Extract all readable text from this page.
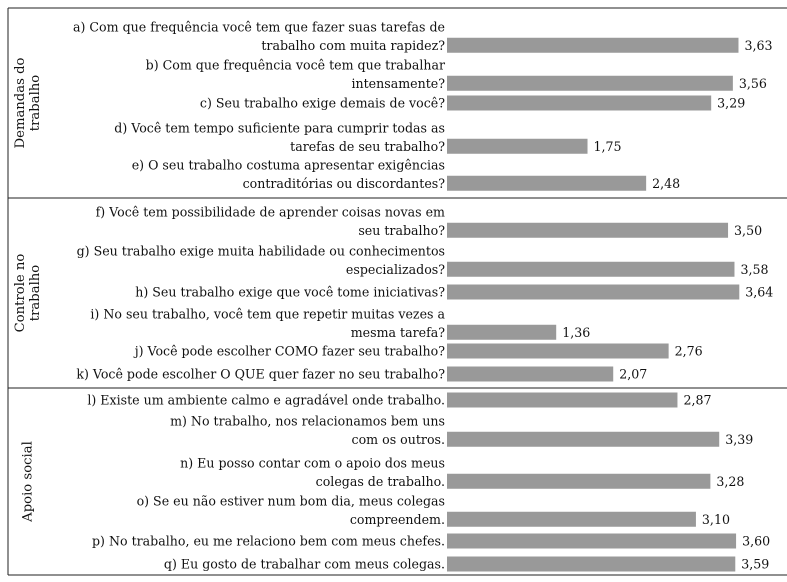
Demandas dotrabalho
Controle notrabalho
Apoio social
a) Com que frequência você tem que fazer suas tarefas de trabalho com muita rapidez?	3,63
b) Com que frequência você tem que trabalhar intensamente?	3,56
c) Seu trabalho exige demais de você?	3,29
d) Você tem tempo suficiente para cumprir todas as tarefas de seu trabalho?	1,75
e) O seu trabalho costuma apresentar exigências contraditórias ou discordantes?	2,48
f) Você tem possibilidade de aprender coisas novas em seu trabalho?	3,50
g) Seu trabalho exige muita habilidade ou conhecimentos especializados?	3,58
h) Seu trabalho exige que você tome iniciativas?	3,64
i) No seu trabalho, você tem que repetir muitas vezes a mesma tarefa?	1,36
j) Você pode escolher COMO fazer seu trabalho?	2,76
k) Você pode escolher O QUE quer fazer no seu trabalho?	2,07
l) Existe um ambiente calmo e agradável onde trabalho.	2,87
m) No trabalho, nos relacionamos bem uns com os outros.	3,39
n) Eu posso contar com o apoio dos meus colegas de trabalho.	3,28
o) Se eu não estiver num bom dia, meus colegas compreendem.	3,10
p) No trabalho, eu me relaciono bem com meus chefes.	3,60
q) Eu gosto de trabalhar com meus colegas.	3,59
